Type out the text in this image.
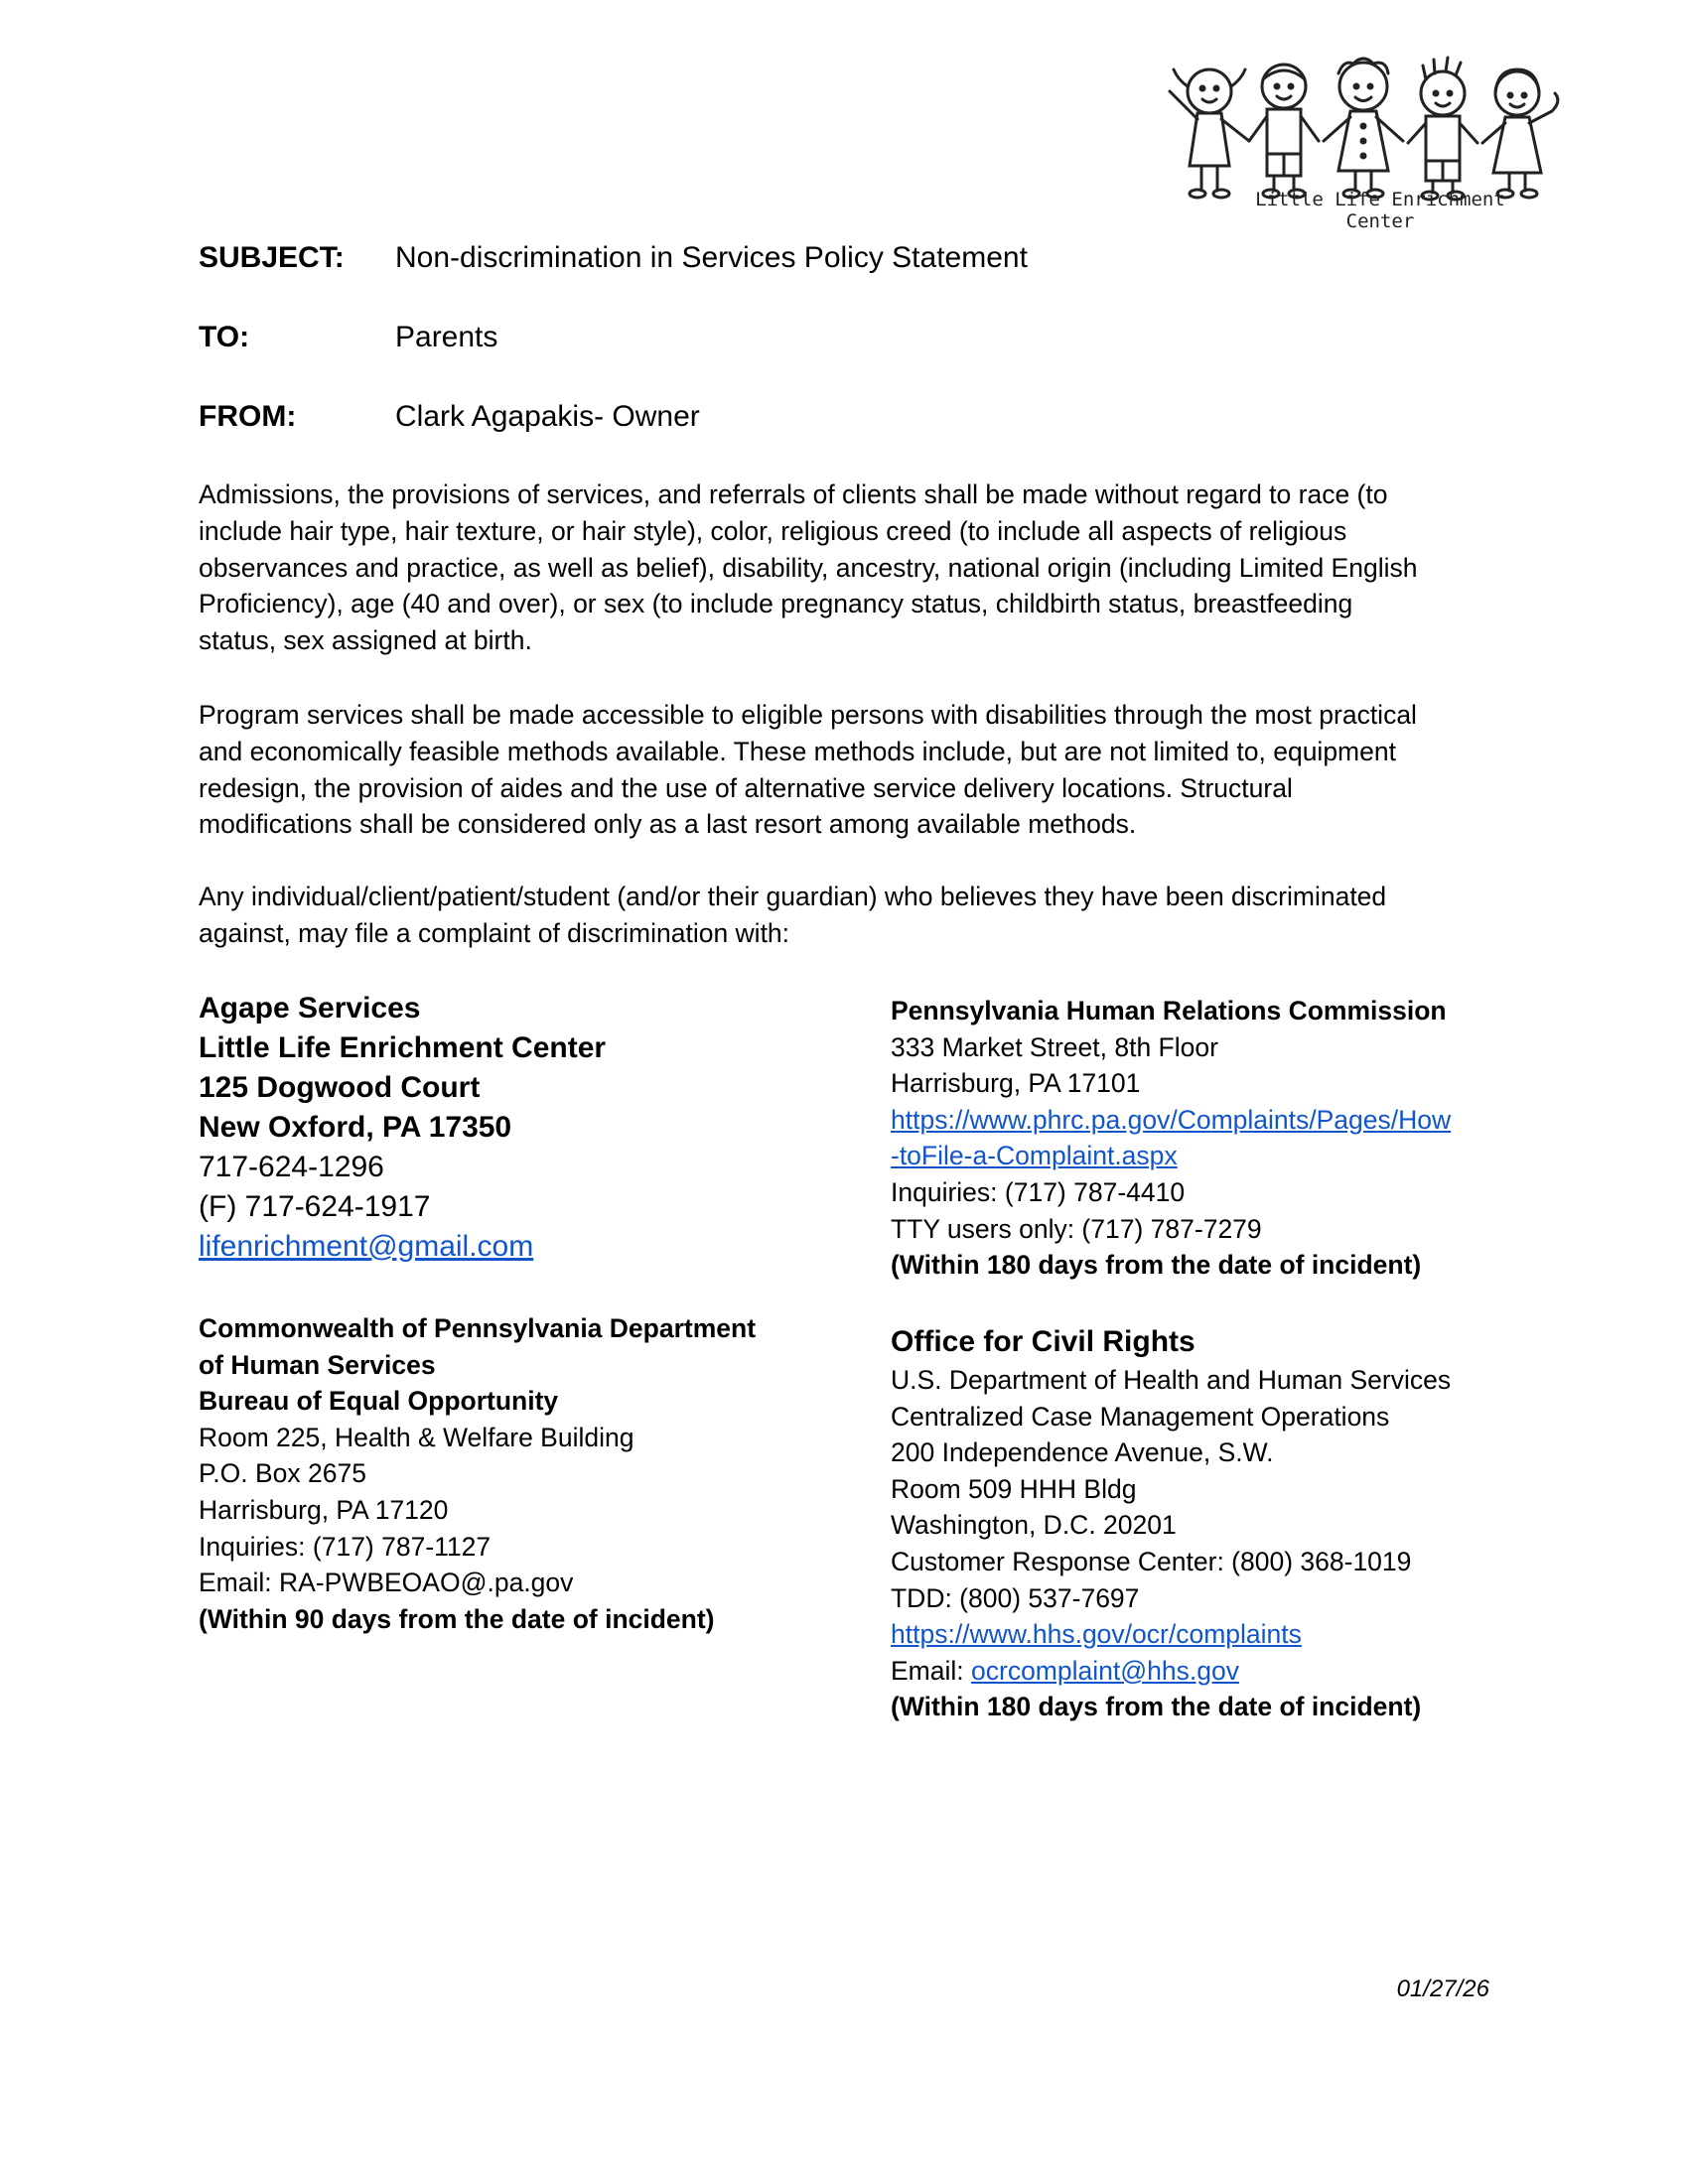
Little Life Enrichment Center
SUBJECT: Non-discrimination in Services Policy Statement
TO:	Parents
FROM:	Clark Agapakis- Owner
Admissions, the provisions of services, and referrals of clients shall be made without regard to race (to
include hair type, hair texture, or hair style), color, religious creed (to include all aspects of religious
observances and practice, as well as belief), disability, ancestry, national origin (including Limited English
Proficiency), age (40 and over), or sex (to include pregnancy status, childbirth status, breastfeeding
status, sex assigned at birth.
Program services shall be made accessible to eligible persons with disabilities through the most practical
and economically feasible methods available. These methods include, but are not limited to, equipment
redesign, the provision of aides and the use of alternative service delivery locations. Structural
modifications shall be considered only as a last resort among available methods.
Any individual/client/patient/student (and/or their guardian) who believes they have been discriminated
against, may file a complaint of discrimination with:
Agape Services
Little Life Enrichment Center
125 Dogwood Court
New Oxford, PA 17350
717-624-1296
(F) 717-624-1917
lifenrichment@gmail.com
Pennsylvania Human Relations Commission
333 Market Street, 8th Floor
Harrisburg, PA 17101
https://www.phrc.pa.gov/Complaints/Pages/How
-toFile-a-Complaint.aspx
Inquiries: (717) 787-4410
TTY users only: (717) 787-7279
(Within 180 days from the date of incident)
Commonwealth of Pennsylvania Department
of Human Services
Bureau of Equal Opportunity
Room 225, Health & Welfare Building
P.O. Box 2675
Harrisburg, PA 17120
Inquiries: (717) 787-1127
Email: RA-PWBEOAO@.pa.gov
(Within 90 days from the date of incident)
Office for Civil Rights
U.S. Department of Health and Human Services
Centralized Case Management Operations
200 Independence Avenue, S.W.
Room 509 HHH Bldg
Washington, D.C. 20201
Customer Response Center: (800) 368-1019
TDD: (800) 537-7697
https://www.hhs.gov/ocr/complaints
Email: ocrcomplaint@hhs.gov
(Within 180 days from the date of incident)
01/27/26
